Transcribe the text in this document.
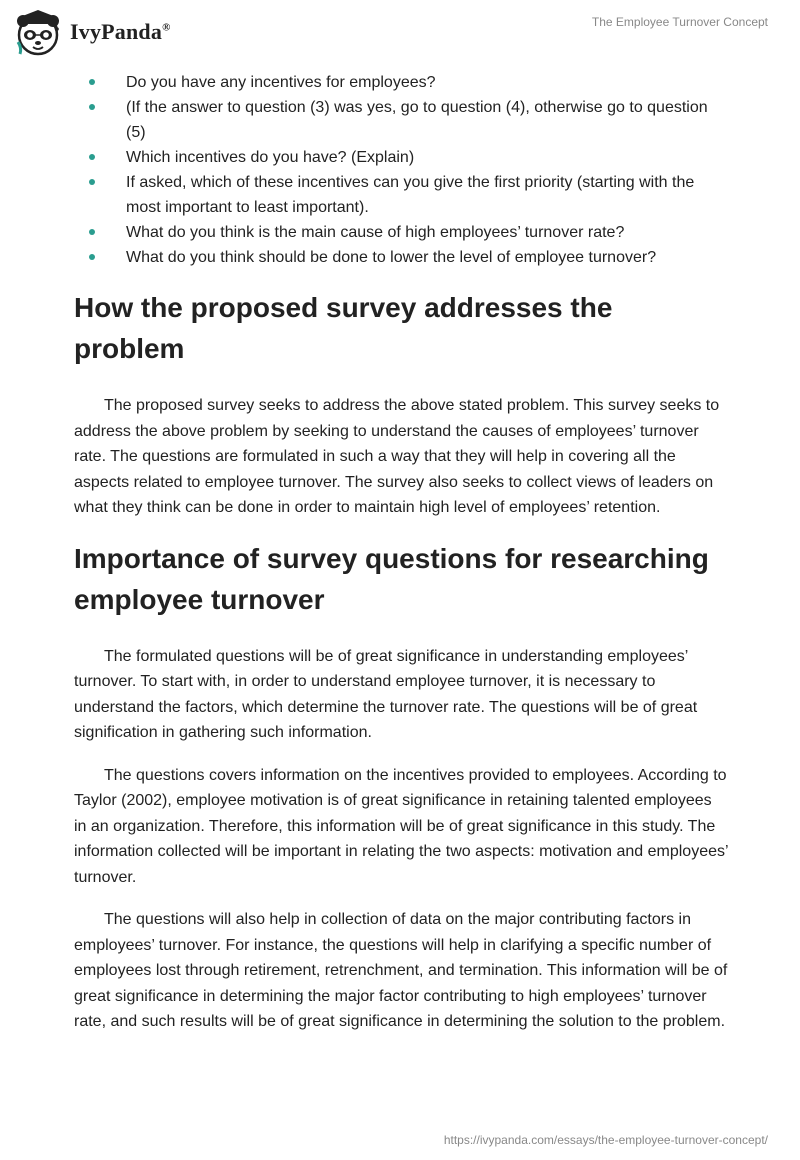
IvyPanda®	The Employee Turnover Concept
Do you have any incentives for employees?
(If the answer to question (3) was yes, go to question (4), otherwise go to question (5)
Which incentives do you have? (Explain)
If asked, which of these incentives can you give the first priority (starting with the most important to least important).
What do you think is the main cause of high employees’ turnover rate?
What do you think should be done to lower the level of employee turnover?
How the proposed survey addresses the problem

The proposed survey seeks to address the above stated problem. This survey seeks to address the above problem by seeking to understand the causes of employees’ turnover rate. The questions are formulated in such a way that they will help in covering all the aspects related to employee turnover. The survey also seeks to collect views of leaders on what they think can be done in order to maintain high level of employees’ retention.

Importance of survey questions for researching employee turnover

The formulated questions will be of great significance in understanding employees’ turnover. To start with, in order to understand employee turnover, it is necessary to understand the factors, which determine the turnover rate. The questions will be of great signification in gathering such information.

The questions covers information on the incentives provided to employees. According to Taylor (2002), employee motivation is of great significance in retaining talented employees in an organization. Therefore, this information will be of great significance in this study. The information collected will be important in relating the two aspects: motivation and employees’ turnover.

The questions will also help in collection of data on the major contributing factors in employees’ turnover. For instance, the questions will help in clarifying a specific number of employees lost through retirement, retrenchment, and termination. This information will be of great significance in determining the major factor contributing to high employees’ turnover rate, and such results will be of great significance in determining the solution to the problem.

https://ivypanda.com/essays/the-employee-turnover-concept/
